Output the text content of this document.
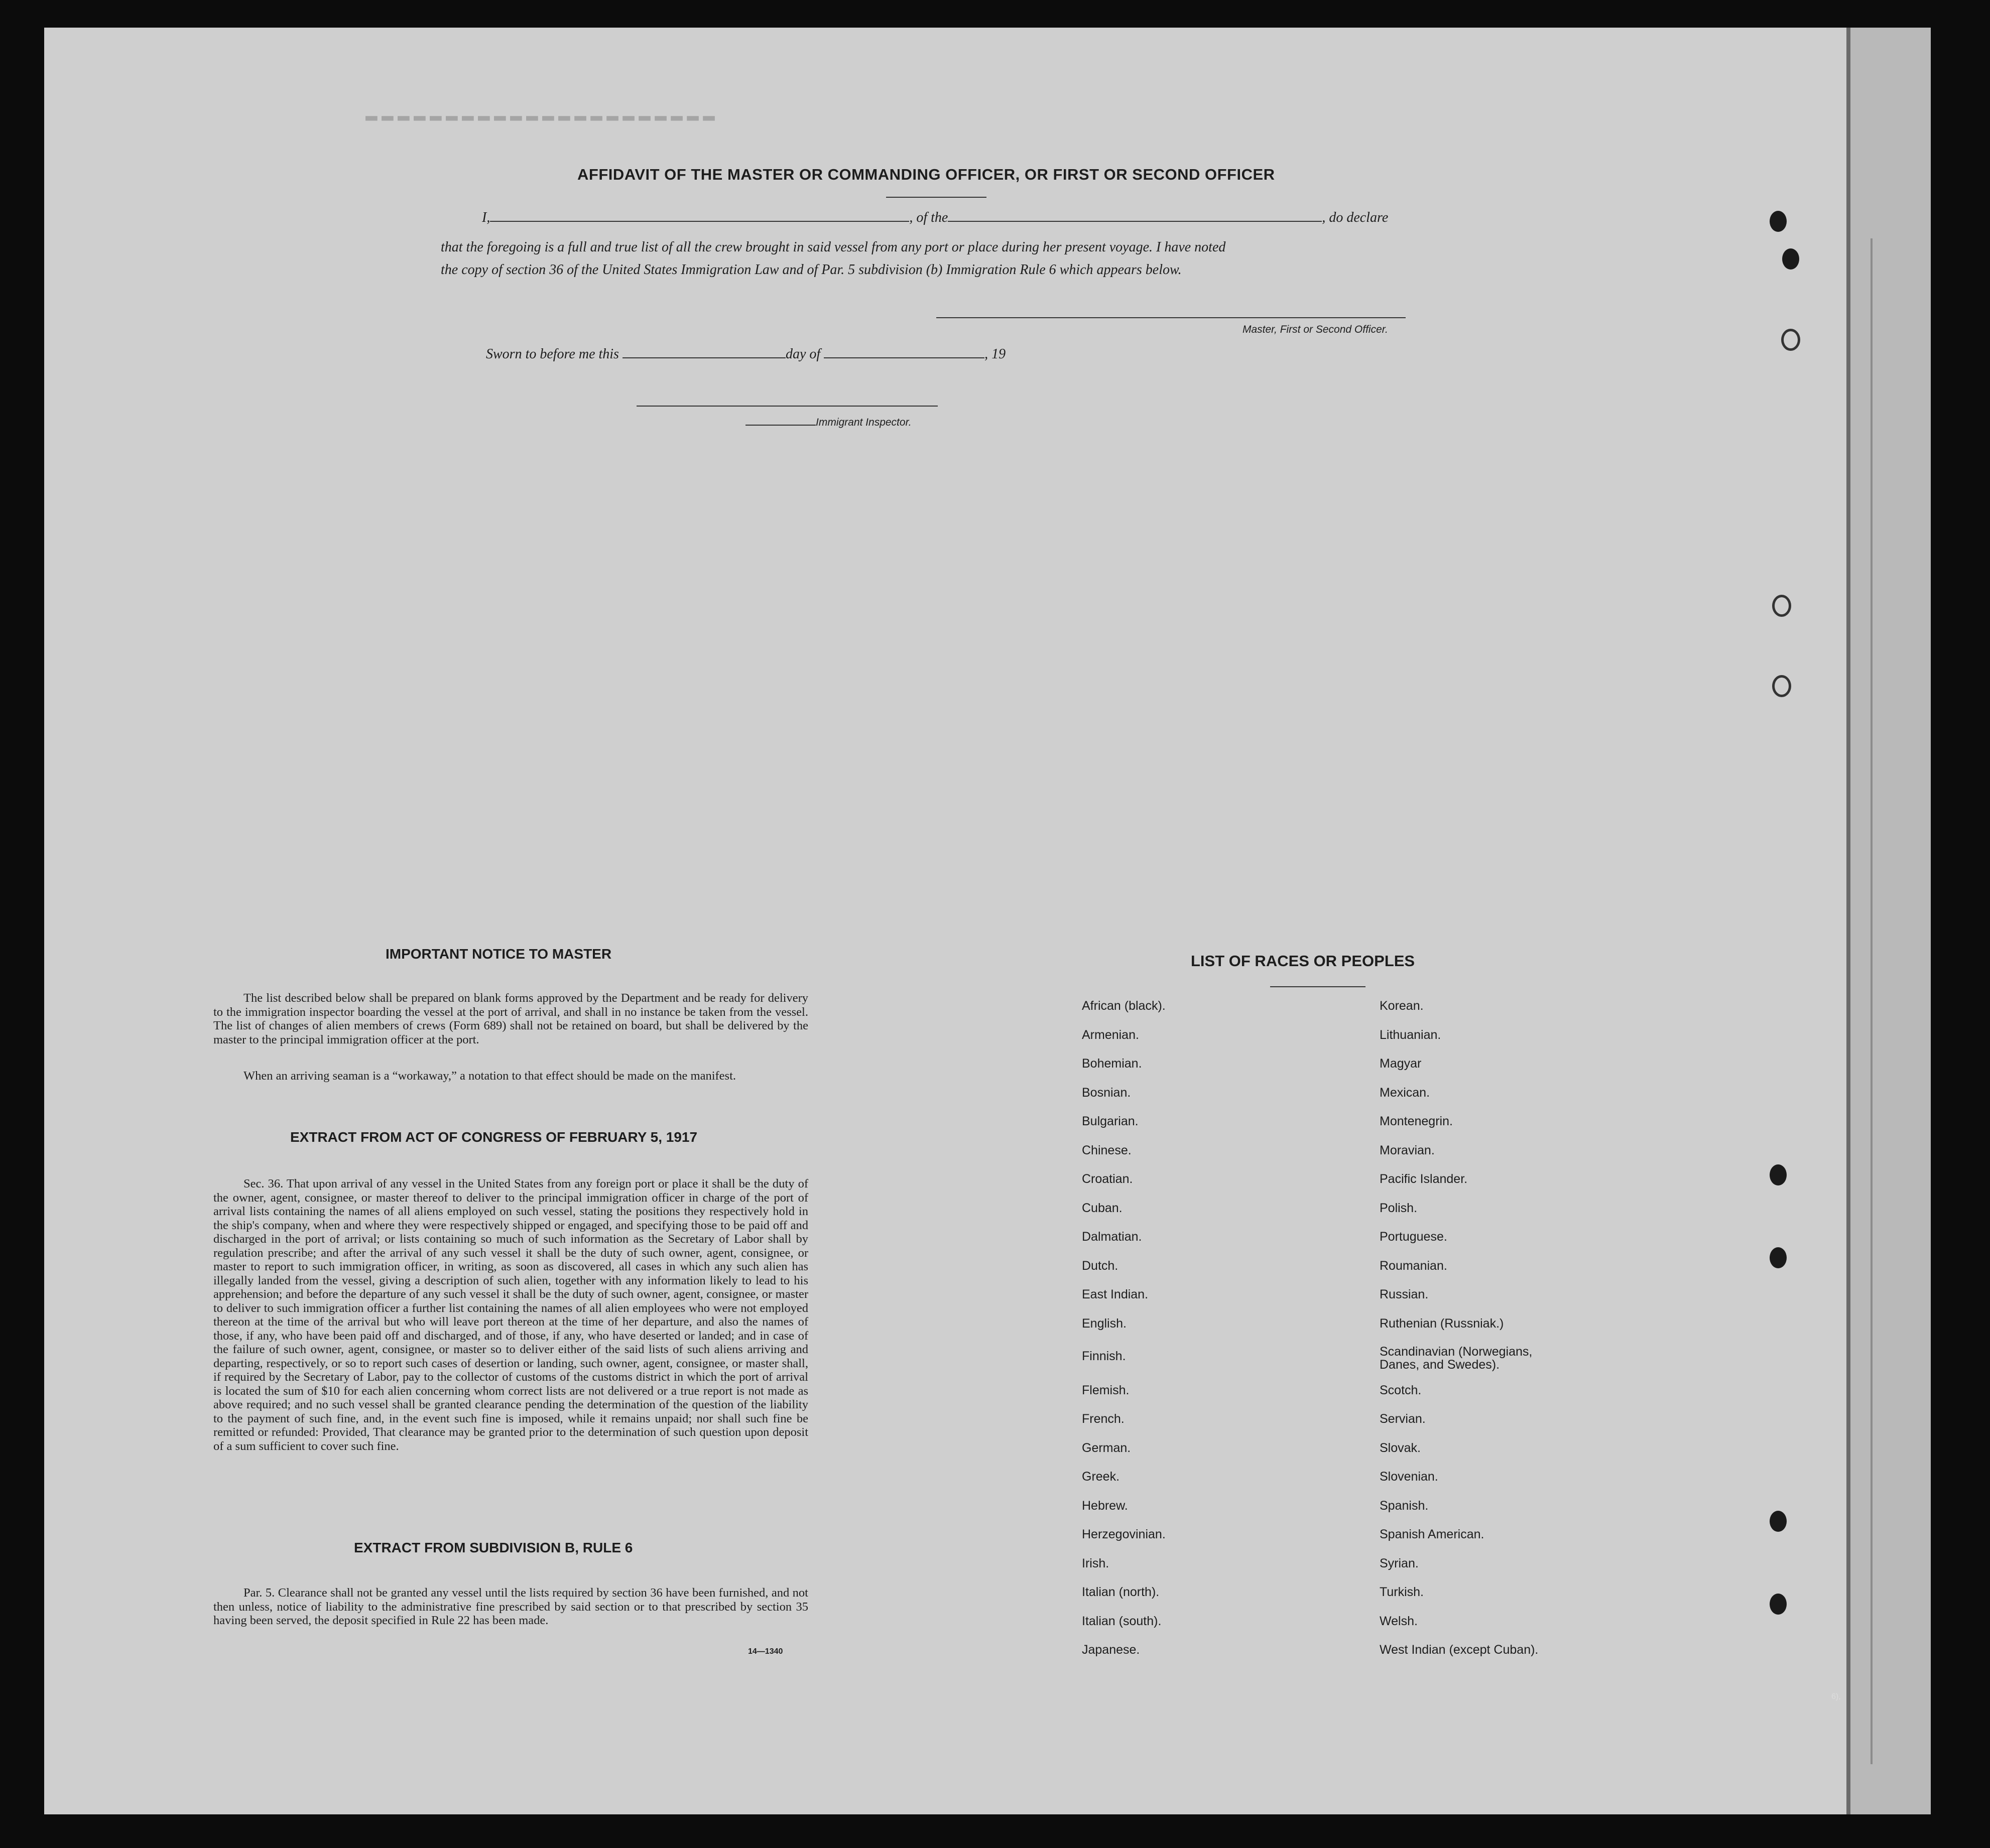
6),
▬▬▬▬▬▬▬▬▬▬▬▬▬▬▬▬▬▬▬▬▬▬
AFFIDAVIT OF THE MASTER OR COMMANDING OFFICER, OR FIRST OR SECOND OFFICER
I,	, of the	, do declare
that the foregoing is a full and true list of all the crew brought in said vessel from any port or place during her present voyage. I have noted
the copy of section 36 of the United States Immigration Law and of Par. 5 subdivision (b) Immigration Rule 6 which appears below.
Master, First or Second Officer.
Sworn to before me this	day of	, 19
Immigrant Inspector.
IMPORTANT NOTICE TO MASTER
The list described below shall be prepared on blank forms approved by the Department and be ready for delivery to the immigration inspector boarding the vessel at the port of arrival, and shall in no instance be taken from the vessel. The list of changes of alien members of crews (Form 689) shall not be retained on board, but shall be delivered by the master to the principal immigration officer at the port.
When an arriving seaman is a “workaway,” a notation to that effect should be made on the manifest.
EXTRACT FROM ACT OF CONGRESS OF FEBRUARY 5, 1917
Sec. 36. That upon arrival of any vessel in the United States from any foreign port or place it shall be the duty of the owner, agent, consignee, or master thereof to deliver to the principal immigration officer in charge of the port of arrival lists containing the names of all aliens employed on such vessel, stating the positions they respectively hold in the ship's company, when and where they were respectively shipped or engaged, and specifying those to be paid off and discharged in the port of arrival; or lists containing so much of such information as the Secretary of Labor shall by regulation prescribe; and after the arrival of any such vessel it shall be the duty of such owner, agent, consignee, or master to report to such immigration officer, in writing, as soon as discovered, all cases in which any such alien has illegally landed from the vessel, giving a description of such alien, together with any information likely to lead to his apprehension; and before the departure of any such vessel it shall be the duty of such owner, agent, consignee, or master to deliver to such immigration officer a further list containing the names of all alien employees who were not employed thereon at the time of the arrival but who will leave port thereon at the time of her departure, and also the names of those, if any, who have been paid off and discharged, and of those, if any, who have deserted or landed; and in case of the failure of such owner, agent, consignee, or master so to deliver either of the said lists of such aliens arriving and departing, respectively, or so to report such cases of desertion or landing, such owner, agent, consignee, or master shall, if required by the Secretary of Labor, pay to the collector of customs of the customs district in which the port of arrival is located the sum of $10 for each alien concerning whom correct lists are not delivered or a true report is not made as above required; and no such vessel shall be granted clearance pending the determination of the question of the liability to the payment of such fine, and, in the event such fine is imposed, while it remains unpaid; nor shall such fine be remitted or refunded: Provided, That clearance may be granted prior to the determination of such question upon deposit of a sum sufficient to cover such fine.
EXTRACT FROM SUBDIVISION B, RULE 6
Par. 5. Clearance shall not be granted any vessel until the lists required by section 36 have been furnished, and not then unless, notice of liability to the administrative fine prescribed by said section or to that prescribed by section 35 having been served, the deposit specified in Rule 22 has been made.
14—1340
LIST OF RACES OR PEOPLES
African (black).
Armenian.
Bohemian.
Bosnian.
Bulgarian.
Chinese.
Croatian.
Cuban.
Dalmatian.
Dutch.
East Indian.
English.
Finnish.
Flemish.
French.
German.
Greek.
Hebrew.
Herzegovinian.
Irish.
Italian (north).
Italian (south).
Japanese.
Korean.
Lithuanian.
Magyar
Mexican.
Montenegrin.
Moravian.
Pacific Islander.
Polish.
Portuguese.
Roumanian.
Russian.
Ruthenian (Russniak.)
Scandinavian (Norwegians, Danes, and Swedes).
Scotch.
Servian.
Slovak.
Slovenian.
Spanish.
Spanish American.
Syrian.
Turkish.
Welsh.
West Indian (except Cuban).
